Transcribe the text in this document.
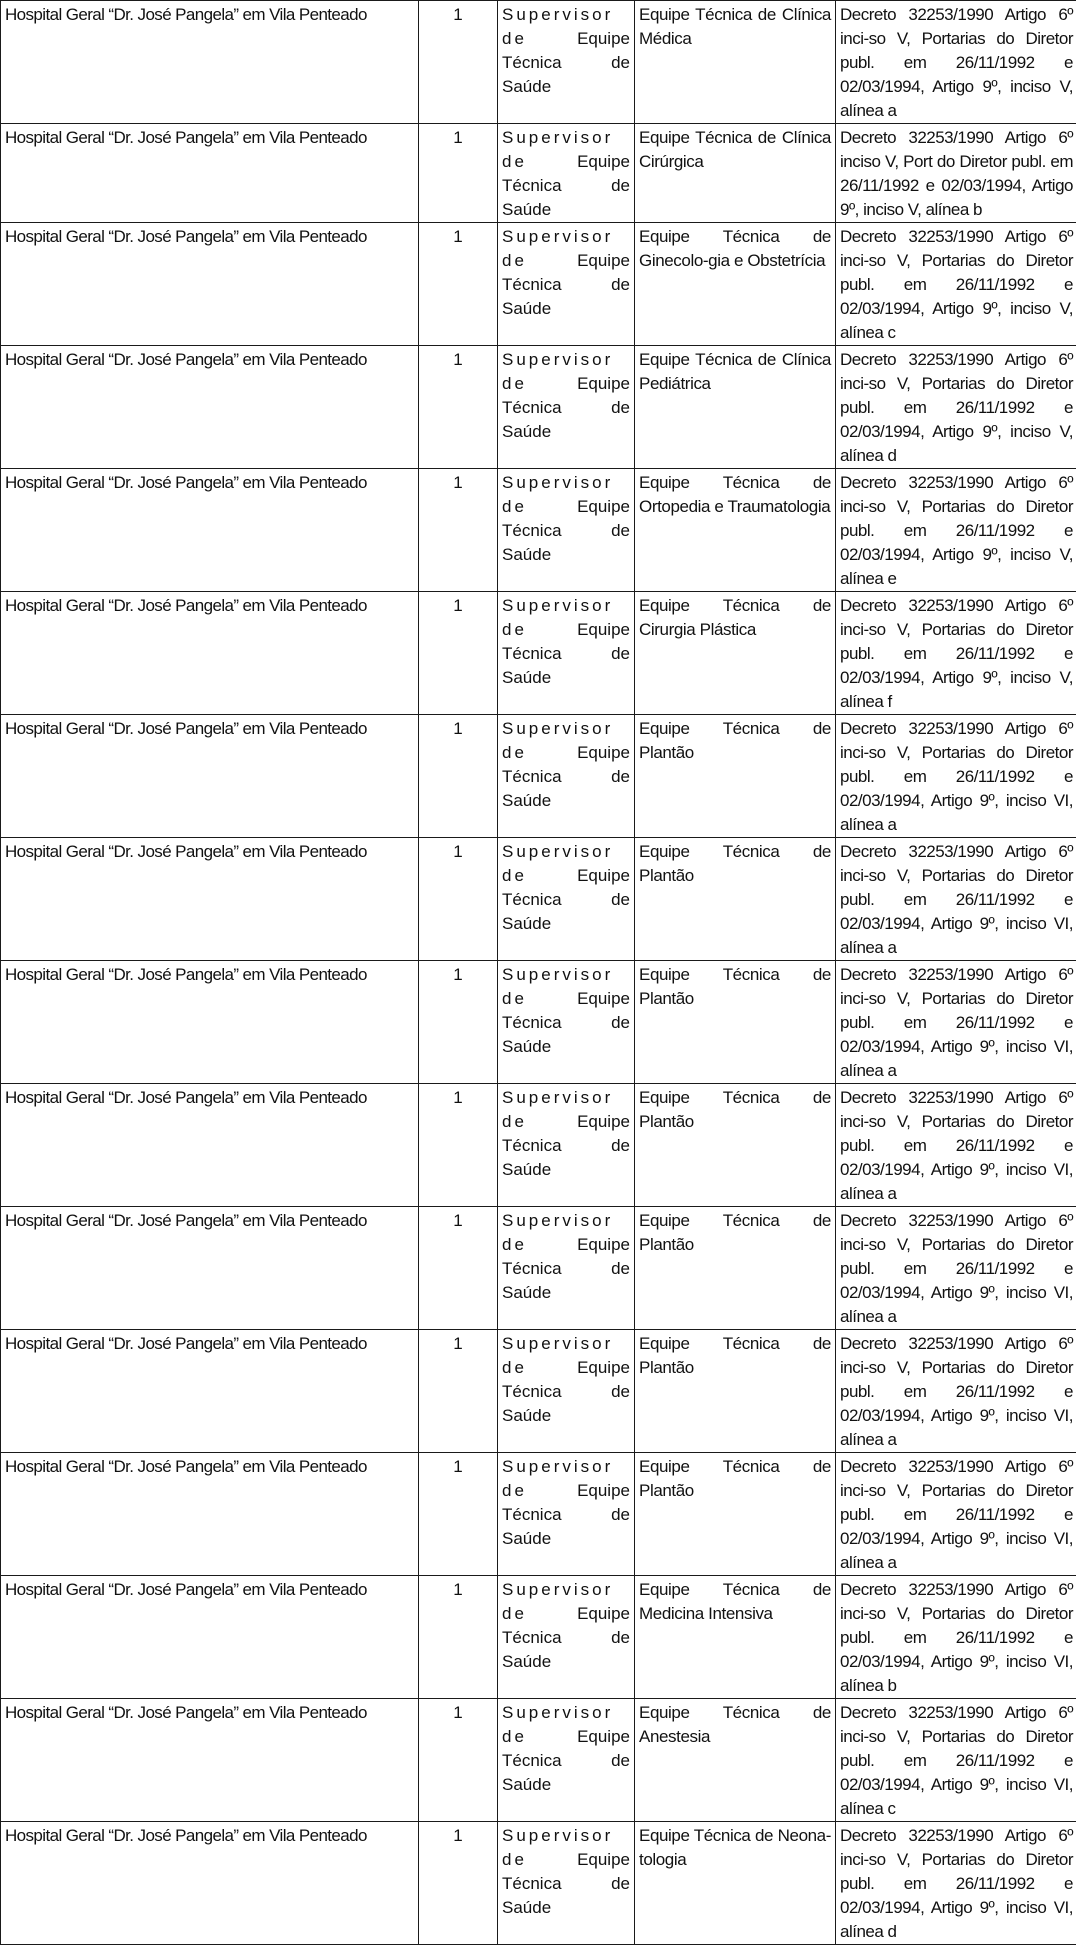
Hospital Geral “Dr. José Pangela” em Vila Penteado	1	Supervisor de Equipe Técnica de Saúde	Equipe Técnica de Clínica Médica	Decreto 32253/1990 Artigo 6º inci-so V, Portarias do Diretor publ. em 26/11/1992 e 02/03/1994, Artigo 9º, inciso V, alínea a
Hospital Geral “Dr. José Pangela” em Vila Penteado	1	Supervisor de Equipe Técnica de Saúde	Equipe Técnica de Clínica Cirúrgica	Decreto 32253/1990 Artigo 6º inciso V, Port do Diretor publ. em 26/11/1992 e 02/03/1994, Artigo 9º, inciso V, alínea b
Hospital Geral “Dr. José Pangela” em Vila Penteado	1	Supervisor de Equipe Técnica de Saúde	Equipe Técnica de Ginecolo-gia e Obstetrícia	Decreto 32253/1990 Artigo 6º inci-so V, Portarias do Diretor publ. em 26/11/1992 e 02/03/1994, Artigo 9º, inciso V, alínea c
Hospital Geral “Dr. José Pangela” em Vila Penteado	1	Supervisor de Equipe Técnica de Saúde	Equipe Técnica de Clínica Pediátrica	Decreto 32253/1990 Artigo 6º inci-so V, Portarias do Diretor publ. em 26/11/1992 e 02/03/1994, Artigo 9º, inciso V, alínea d
Hospital Geral “Dr. José Pangela” em Vila Penteado	1	Supervisor de Equipe Técnica de Saúde	Equipe Técnica de Ortopedia e Traumatologia	Decreto 32253/1990 Artigo 6º inci-so V, Portarias do Diretor publ. em 26/11/1992 e 02/03/1994, Artigo 9º, inciso V, alínea e
Hospital Geral “Dr. José Pangela” em Vila Penteado	1	Supervisor de Equipe Técnica de Saúde	Equipe Técnica de Cirurgia Plástica	Decreto 32253/1990 Artigo 6º inci-so V, Portarias do Diretor publ. em 26/11/1992 e 02/03/1994, Artigo 9º, inciso V, alínea f
Hospital Geral “Dr. José Pangela” em Vila Penteado	1	Supervisor de Equipe Técnica de Saúde	Equipe Técnica de Plantão	Decreto 32253/1990 Artigo 6º inci-so V, Portarias do Diretor publ. em 26/11/1992 e 02/03/1994, Artigo 9º, inciso VI, alínea a
Hospital Geral “Dr. José Pangela” em Vila Penteado	1	Supervisor de Equipe Técnica de Saúde	Equipe Técnica de Plantão	Decreto 32253/1990 Artigo 6º inci-so V, Portarias do Diretor publ. em 26/11/1992 e 02/03/1994, Artigo 9º, inciso VI, alínea a
Hospital Geral “Dr. José Pangela” em Vila Penteado	1	Supervisor de Equipe Técnica de Saúde	Equipe Técnica de Plantão	Decreto 32253/1990 Artigo 6º inci-so V, Portarias do Diretor publ. em 26/11/1992 e 02/03/1994, Artigo 9º, inciso VI, alínea a
Hospital Geral “Dr. José Pangela” em Vila Penteado	1	Supervisor de Equipe Técnica de Saúde	Equipe Técnica de Plantão	Decreto 32253/1990 Artigo 6º inci-so V, Portarias do Diretor publ. em 26/11/1992 e 02/03/1994, Artigo 9º, inciso VI, alínea a
Hospital Geral “Dr. José Pangela” em Vila Penteado	1	Supervisor de Equipe Técnica de Saúde	Equipe Técnica de Plantão	Decreto 32253/1990 Artigo 6º inci-so V, Portarias do Diretor publ. em 26/11/1992 e 02/03/1994, Artigo 9º, inciso VI, alínea a
Hospital Geral “Dr. José Pangela” em Vila Penteado	1	Supervisor de Equipe Técnica de Saúde	Equipe Técnica de Plantão	Decreto 32253/1990 Artigo 6º inci-so V, Portarias do Diretor publ. em 26/11/1992 e 02/03/1994, Artigo 9º, inciso VI, alínea a
Hospital Geral “Dr. José Pangela” em Vila Penteado	1	Supervisor de Equipe Técnica de Saúde	Equipe Técnica de Plantão	Decreto 32253/1990 Artigo 6º inci-so V, Portarias do Diretor publ. em 26/11/1992 e 02/03/1994, Artigo 9º, inciso VI, alínea a
Hospital Geral “Dr. José Pangela” em Vila Penteado	1	Supervisor de Equipe Técnica de Saúde	Equipe Técnica de Medicina Intensiva	Decreto 32253/1990 Artigo 6º inci-so V, Portarias do Diretor publ. em 26/11/1992 e 02/03/1994, Artigo 9º, inciso VI, alínea b
Hospital Geral “Dr. José Pangela” em Vila Penteado	1	Supervisor de Equipe Técnica de Saúde	Equipe Técnica de Anestesia	Decreto 32253/1990 Artigo 6º inci-so V, Portarias do Diretor publ. em 26/11/1992 e 02/03/1994, Artigo 9º, inciso VI, alínea c
Hospital Geral “Dr. José Pangela” em Vila Penteado	1	Supervisor de Equipe Técnica de Saúde	Equipe Técnica de Neona-tologia	Decreto 32253/1990 Artigo 6º inci-so V, Portarias do Diretor publ. em 26/11/1992 e 02/03/1994, Artigo 9º, inciso VI, alínea d
